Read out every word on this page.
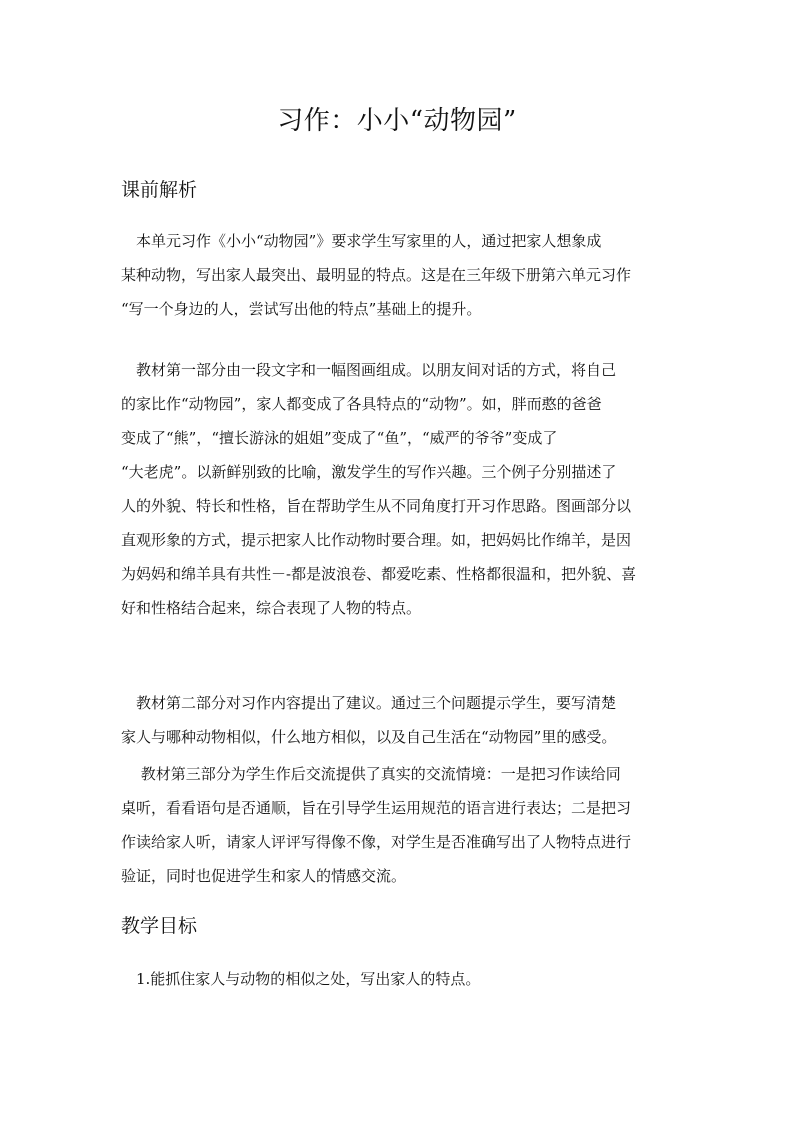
习作：小小“动物园”
课前解析
　本单元习作《小小“动物园”》要求学生写家里的人，通过把家人想象成
某种动物，写出家人最突出、最明显的特点。这是在三年级下册第六单元习作
“写一个身边的人，尝试写出他的特点”基础上的提升。
　教材第一部分由一段文字和一幅图画组成。以朋友间对话的方式，将自己
的家比作“动物园”，家人都变成了各具特点的“动物”。如，胖而憨的爸爸
变成了“熊”，“擅长游泳的姐姐”变成了“鱼”，“威严的爷爷”变成了
“大老虎”。以新鲜别致的比喻，激发学生的写作兴趣。三个例子分别描述了
人的外貌、特长和性格，旨在帮助学生从不同角度打开习作思路。图画部分以
直观形象的方式，提示把家人比作动物时要合理。如，把妈妈比作绵羊，是因
为妈妈和绵羊具有共性－-都是波浪卷、都爱吃素、性格都很温和，把外貌、喜
好和性格结合起来，综合表现了人物的特点。
　教材第二部分对习作内容提出了建议。通过三个问题提示学生，要写清楚
家人与哪种动物相似，什么地方相似，以及自己生活在“动物园”里的感受。
　 教材第三部分为学生作后交流提供了真实的交流情境：一是把习作读给同
桌听，看看语句是否通顺，旨在引导学生运用规范的语言进行表达；二是把习
作读给家人听，请家人评评写得像不像，对学生是否准确写出了人物特点进行
验证，同时也促进学生和家人的情感交流。
教学目标
　1.能抓住家人与动物的相似之处，写出家人的特点。
